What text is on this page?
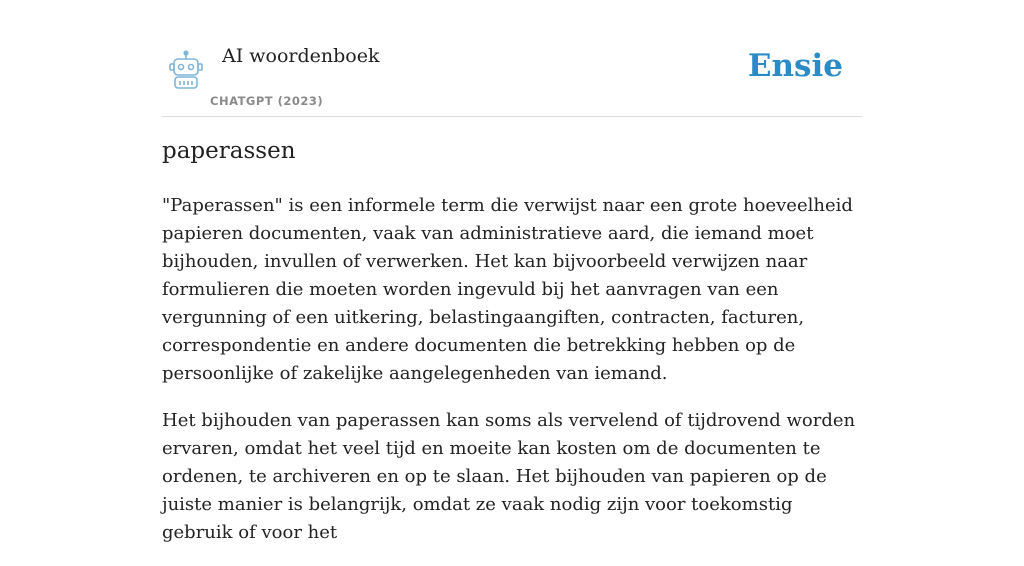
AI woordenboek
CHATGPT (2023)
Ensie
paperassen

"Paperassen" is een informele term die verwijst naar een grote hoeveelheid papieren documenten, vaak van administratieve aard, die iemand moet bijhouden, invullen of verwerken. Het kan bijvoorbeeld verwijzen naar formulieren die moeten worden ingevuld bij het aanvragen van een vergunning of een uitkering, belastingaangiften, contracten, facturen, correspondentie en andere documenten die betrekking hebben op de persoonlijke of zakelijke aangelegenheden van iemand.

Het bijhouden van paperassen kan soms als vervelend of tijdrovend worden ervaren, omdat het veel tijd en moeite kan kosten om de documenten te ordenen, te archiveren en op te slaan. Het bijhouden van papieren op de juiste manier is belangrijk, omdat ze vaak nodig zijn voor toekomstig gebruik of voor het
